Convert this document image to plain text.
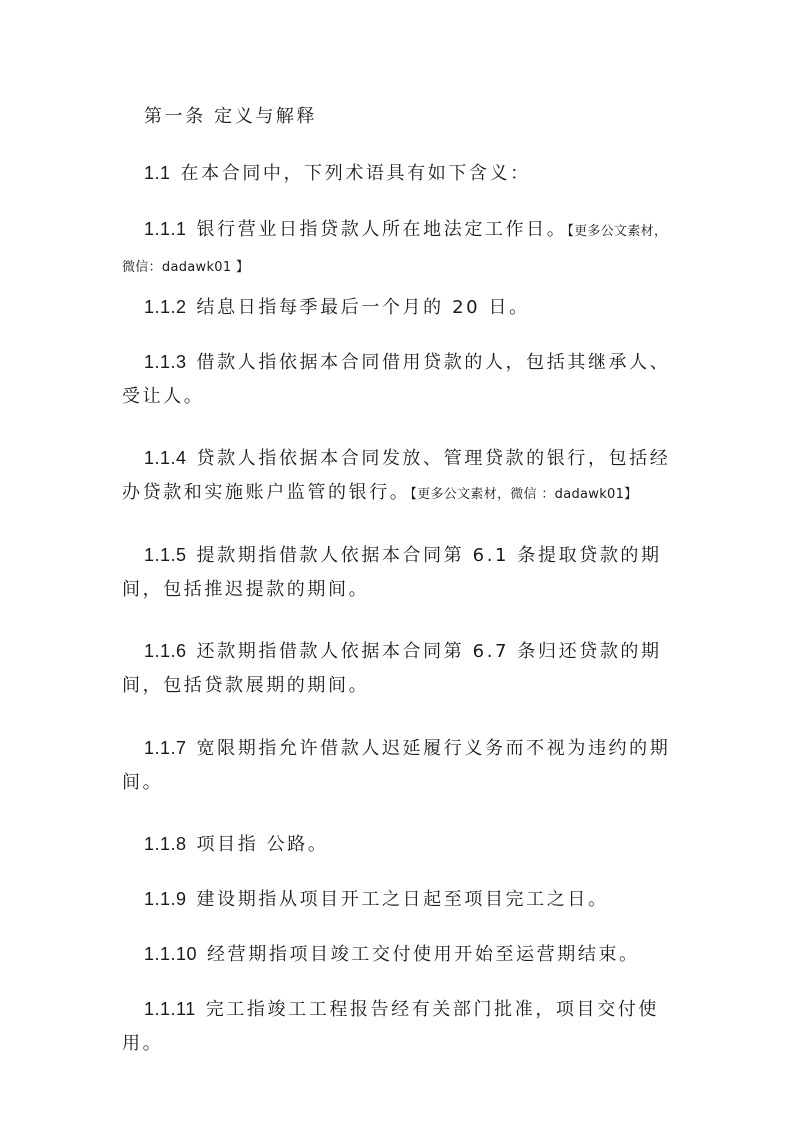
第一条 定义与解释

1.1 在本合同中，下列术语具有如下含义：

1.1.1 银行营业日指贷款人所在地法定工作日。【更多公文素材，微信：dadawk01 】

1.1.2 结息日指每季最后一个月的 20 日。

1.1.3 借款人指依据本合同借用贷款的人，包括其继承人、受让人。

1.1.4 贷款人指依据本合同发放、管理贷款的银行，包括经办贷款和实施账户监管的银行。【更多公文素材，微信 ：dadawk01】

1.1.5 提款期指借款人依据本合同第 6.1 条提取贷款的期间，包括推迟提款的期间。

1.1.6 还款期指借款人依据本合同第 6.7 条归还贷款的期间，包括贷款展期的期间。

1.1.7 宽限期指允许借款人迟延履行义务而不视为违约的期间。

1.1.8 项目指 公路。

1.1.9 建设期指从项目开工之日起至项目完工之日。

1.1.10 经营期指项目竣工交付使用开始至运营期结束。

1.1.11 完工指竣工工程报告经有关部门批准，项目交付使用。
